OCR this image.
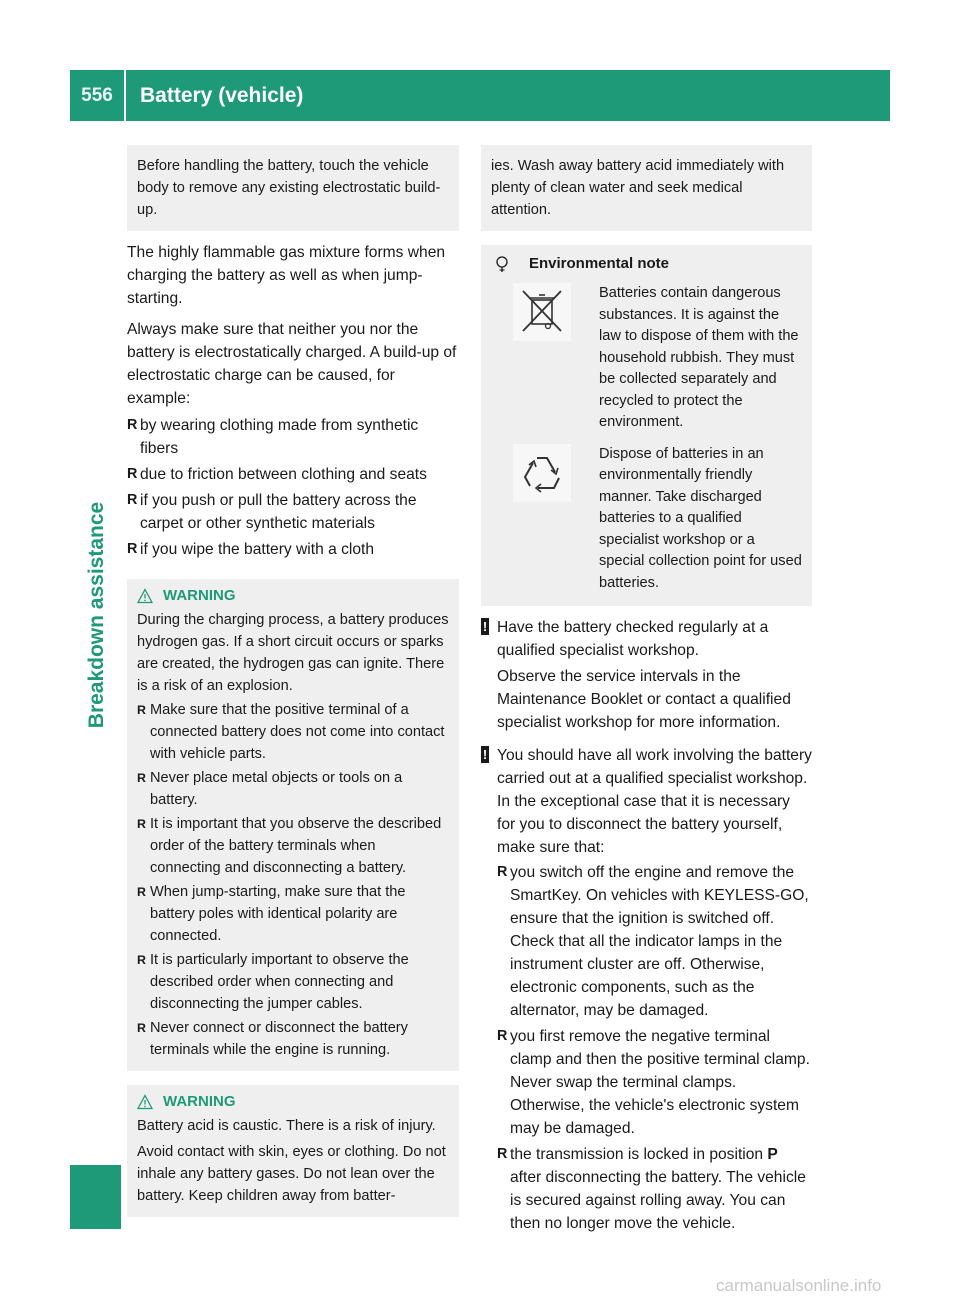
556	Battery (vehicle)
Breakdown assistance

Before handling the battery, touch the vehicle body to remove any existing electrostatic build-up.

The highly flammable gas mixture forms when charging the battery as well as when jump-starting.

Always make sure that neither you nor the battery is electrostatically charged. A build-up of electrostatic charge can be caused, for example:

R by wearing clothing made from synthetic fibers
R due to friction between clothing and seats
R if you push or pull the battery across the carpet or other synthetic materials
R if you wipe the battery with a cloth
WARNING

During the charging process, a battery produces hydrogen gas. If a short circuit occurs or sparks are created, the hydrogen gas can ignite. There is a risk of an explosion.

R Make sure that the positive terminal of a connected battery does not come into contact with vehicle parts.
R Never place metal objects or tools on a battery.
R It is important that you observe the described order of the battery terminals when connecting and disconnecting a battery.
R When jump-starting, make sure that the battery poles with identical polarity are connected.
R It is particularly important to observe the described order when connecting and disconnecting the jumper cables.
R Never connect or disconnect the battery terminals while the engine is running.
WARNING

Battery acid is caustic. There is a risk of injury.

Avoid contact with skin, eyes or clothing. Do not inhale any battery gases. Do not lean over the battery. Keep children away from batter-

ies. Wash away battery acid immediately with plenty of clean water and seek medical attention.

Environmental note

Batteries contain dangerous substances. It is against the law to dispose of them with the household rubbish. They must be collected separately and recycled to protect the environment.

Dispose of batteries in an environmentally friendly manner. Take discharged batteries to a qualified specialist workshop or a special collection point for used batteries.

! Have the battery checked regularly at a qualified specialist workshop.

Observe the service intervals in the Maintenance Booklet or contact a qualified specialist workshop for more information.

! You should have all work involving the battery carried out at a qualified specialist workshop. In the exceptional case that it is necessary for you to disconnect the battery yourself, make sure that:

R you switch off the engine and remove the SmartKey. On vehicles with KEYLESS-GO, ensure that the ignition is switched off. Check that all the indicator lamps in the instrument cluster are off. Otherwise, electronic components, such as the alternator, may be damaged.
R you first remove the negative terminal clamp and then the positive terminal clamp. Never swap the terminal clamps. Otherwise, the vehicle's electronic system may be damaged.
R the transmission is locked in position P after disconnecting the battery. The vehicle is secured against rolling away. You can then no longer move the vehicle.
carmanualsonline.info
